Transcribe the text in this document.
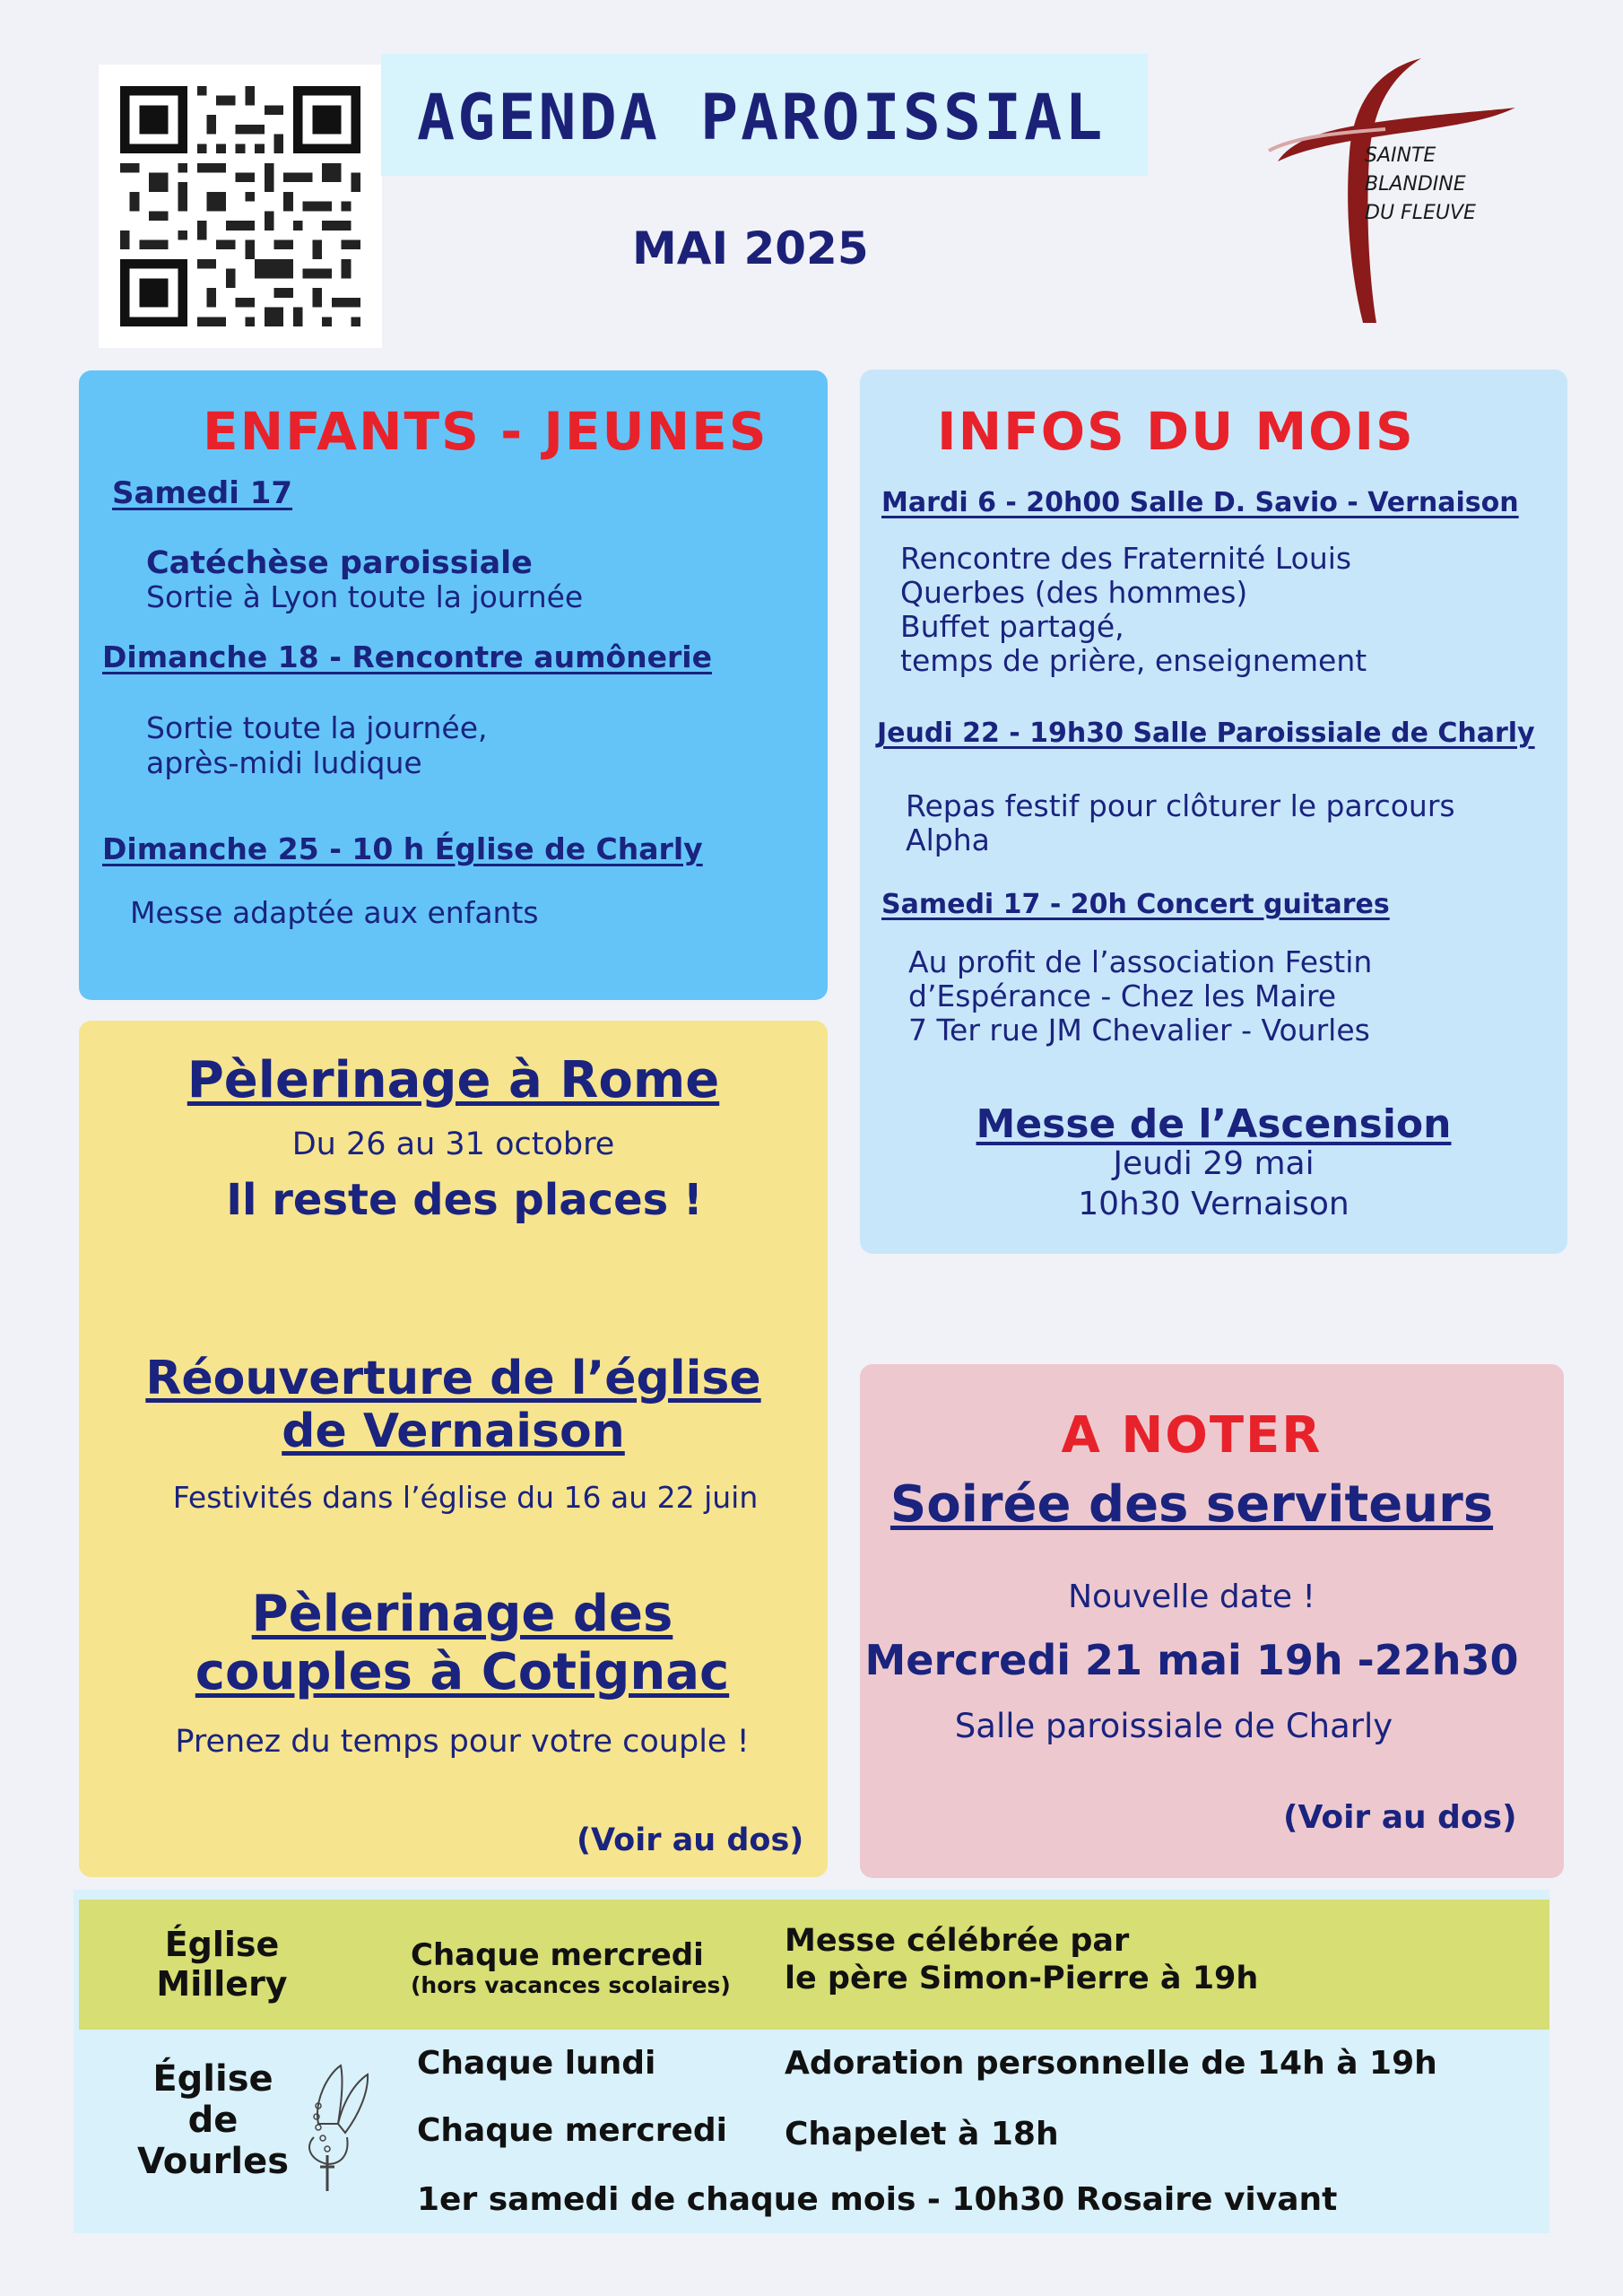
AGENDA PAROISSIAL
MAI 2025
SAINTE
BLANDINE
DU FLEUVE
ENFANTS - JEUNES
Samedi 17
Catéchèse paroissiale
Sortie à Lyon toute la journée
Dimanche 18 - Rencontre aumônerie
Sortie toute la journée,
après-midi ludique
Dimanche 25 - 10 h Église de Charly
Messe adaptée aux enfants
INFOS DU MOIS
Mardi 6 - 20h00 Salle D. Savio - Vernaison
Rencontre des Fraternité Louis
Querbes (des hommes)
Buffet partagé,
temps de prière, enseignement
Jeudi 22 - 19h30 Salle Paroissiale de Charly
Repas festif pour clôturer le parcours
Alpha
Samedi 17 - 20h Concert guitares
Au profit de l’association Festin
d’Espérance - Chez les Maire
7 Ter rue JM Chevalier - Vourles
Messe de l’Ascension
Jeudi 29 mai
10h30 Vernaison
Pèlerinage à Rome
Du 26 au 31 octobre
Il reste des places !
Réouverture de l’église
de Vernaison
Festivités dans l’église du 16 au 22 juin
Pèlerinage des
couples à Cotignac
Prenez du temps pour votre couple !
(Voir au dos)
A NOTER
Soirée des serviteurs
Nouvelle date !
Mercredi 21 mai 19h -22h30
Salle paroissiale de Charly
(Voir au dos)
Église
Millery
Chaque mercredi
(hors vacances scolaires)
Messe célébrée par
le père Simon-Pierre à 19h
Église
de
Vourles
Chaque lundi	Adoration personnelle de 14h à 19h
Chaque mercredi Chapelet à 18h
1er samedi de chaque mois - 10h30 Rosaire vivant
